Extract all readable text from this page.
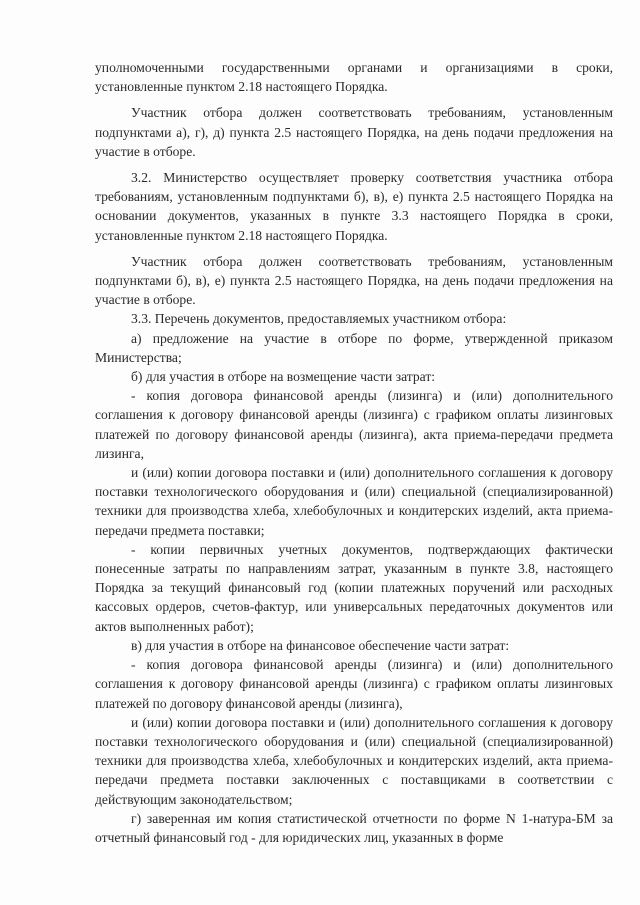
уполномоченными государственными органами и организациями в сроки, установленные пунктом 2.18 настоящего Порядка.

Участник отбора должен соответствовать требованиям, установленным подпунктами а), г), д) пункта 2.5 настоящего Порядка, на день подачи предложения на участие в отборе.

3.2. Министерство осуществляет проверку соответствия участника отбора требованиям, установленным подпунктами б), в), е) пункта 2.5 настоящего Порядка на основании документов, указанных в пункте 3.3 настоящего Порядка в сроки, установленные пунктом 2.18 настоящего Порядка.

Участник отбора должен соответствовать требованиям, установленным подпунктами б), в), е) пункта 2.5 настоящего Порядка, на день подачи предложения на участие в отборе.

3.3. Перечень документов, предоставляемых участником отбора:

а) предложение на участие в отборе по форме, утвержденной приказом Министерства;

б) для участия в отборе на возмещение части затрат:

- копия договора финансовой аренды (лизинга) и (или) дополнительного соглашения к договору финансовой аренды (лизинга) с графиком оплаты лизинговых платежей по договору финансовой аренды (лизинга), акта приема-передачи предмета лизинга,

и (или) копии договора поставки и (или) дополнительного соглашения к договору поставки технологического оборудования и (или) специальной (специализированной) техники для производства хлеба, хлебобулочных и кондитерских изделий, акта приема-передачи предмета поставки;

- копии первичных учетных документов, подтверждающих фактически понесенные затраты по направлениям затрат, указанным в пункте 3.8, настоящего Порядка за текущий финансовый год (копии платежных поручений или расходных кассовых ордеров, счетов-фактур, или универсальных передаточных документов или актов выполненных работ);

в) для участия в отборе на финансовое обеспечение части затрат:

- копия договора финансовой аренды (лизинга) и (или) дополнительного соглашения к договору финансовой аренды (лизинга) с графиком оплаты лизинговых платежей по договору финансовой аренды (лизинга),

и (или) копии договора поставки и (или) дополнительного соглашения к договору поставки технологического оборудования и (или) специальной (специализированной) техники для производства хлеба, хлебобулочных и кондитерских изделий, акта приема-передачи предмета поставки заключенных с поставщиками в соответствии с действующим законодательством;

г) заверенная им копия статистической отчетности по форме N 1-натура-БМ за отчетный финансовый год - для юридических лиц, указанных в форме
